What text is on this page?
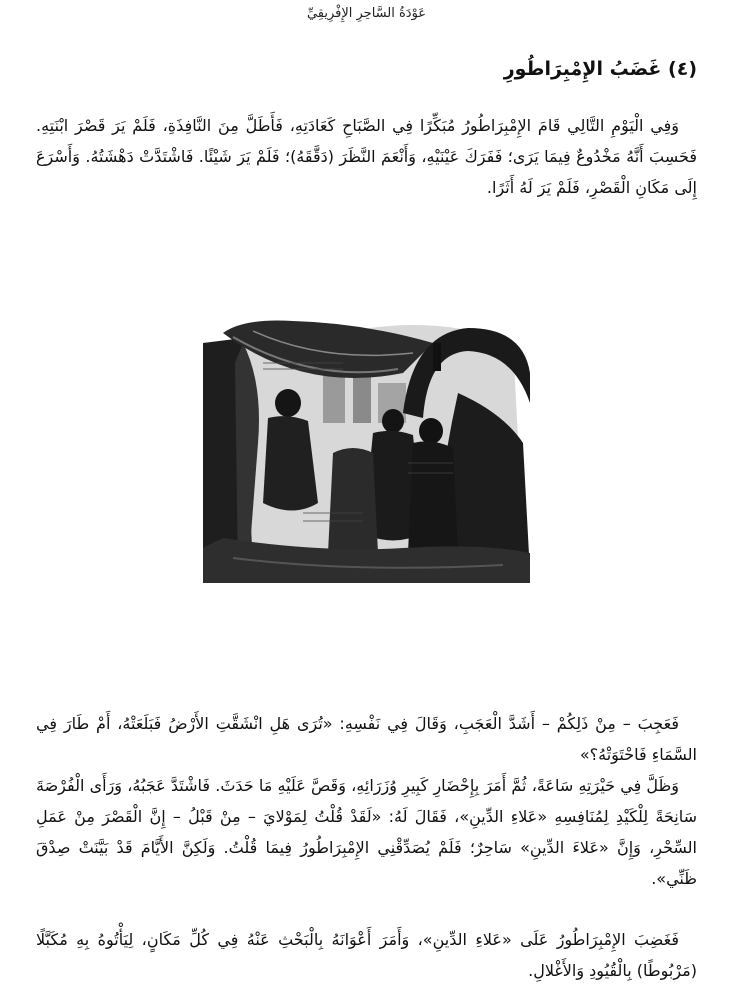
عَوْدَةُ السَّاحِرِ الإِفْرِيقِيِّ
(٤) غَضَبُ الإِمْبِرَاطُورِ

وَفِي الْيَوْمِ التَّالِي قَامَ الإِمْبِرَاطُورُ مُبَكِّرًا فِي الصَّبَاحِ كَعَادَتِهِ، فَأَطَلَّ مِنَ النَّافِذَةِ، فَلَمْ يَرَ قَصْرَ ابْنَتِهِ. فَحَسِبَ أَنَّهُ مَخْدُوعٌ فِيمَا يَرَى؛ فَفَرَكَ عَيْنَيْهِ، وَأَنْعَمَ النَّظَرَ (دَقَّقَهُ)؛ فَلَمْ يَرَ شَيْئًا. فَاشْتَدَّتْ دَهْشَتُهُ. وَأَسْرَعَ إِلَى مَكَانِ الْقَصْرِ، فَلَمْ يَرَ لَهُ أَثَرًا.

فَعَجِبَ – مِنْ ذَلِكُمْ – أَشَدَّ الْعَجَبِ، وَقَالَ فِي نَفْسِهِ: «تُرَى هَلِ انْشَقَّتِ الأَرْضُ فَبَلَعَتْهُ، أَمْ طَارَ فِي السَّمَاءِ فَاحْتَوَتْهُ؟»

وَظَلَّ فِي حَيْرَتِهِ سَاعَةً، ثُمَّ أَمَرَ بِإِحْضَارِ كَبِيرِ وُزَرَائِهِ، وَقَصَّ عَلَيْهِ مَا حَدَثَ. فَاشْتَدَّ عَجَبُهُ، وَرَأَى الْفُرْصَةَ سَانِحَةً لِلْكَيْدِ لِمُنَافِسِهِ «عَلاءِ الدِّينِ»، فَقَالَ لَهُ: «لَقَدْ قُلْتُ لِمَوْلايَ – مِنْ قَبْلُ – إِنَّ الْقَصْرَ مِنْ عَمَلِ السِّحْرِ، وَإِنَّ «عَلاءَ الدِّينِ» سَاحِرٌ؛ فَلَمْ يُصَدِّقْنِي الإِمْبِرَاطُورُ فِيمَا قُلْتُ. وَلَكِنَّ الأَيَّامَ قَدْ بَيَّنَتْ صِدْقَ ظَنِّي».

فَغَضِبَ الإِمْبِرَاطُورُ عَلَى «عَلاءِ الدِّينِ»، وَأَمَرَ أَعْوَانَهُ بِالْبَحْثِ عَنْهُ فِي كُلِّ مَكَانٍ، لِيَأْتُوهُ بِهِ مُكَبَّلًا (مَرْبُوطًا) بِالْقُيُودِ وَالأَغْلالِ.
